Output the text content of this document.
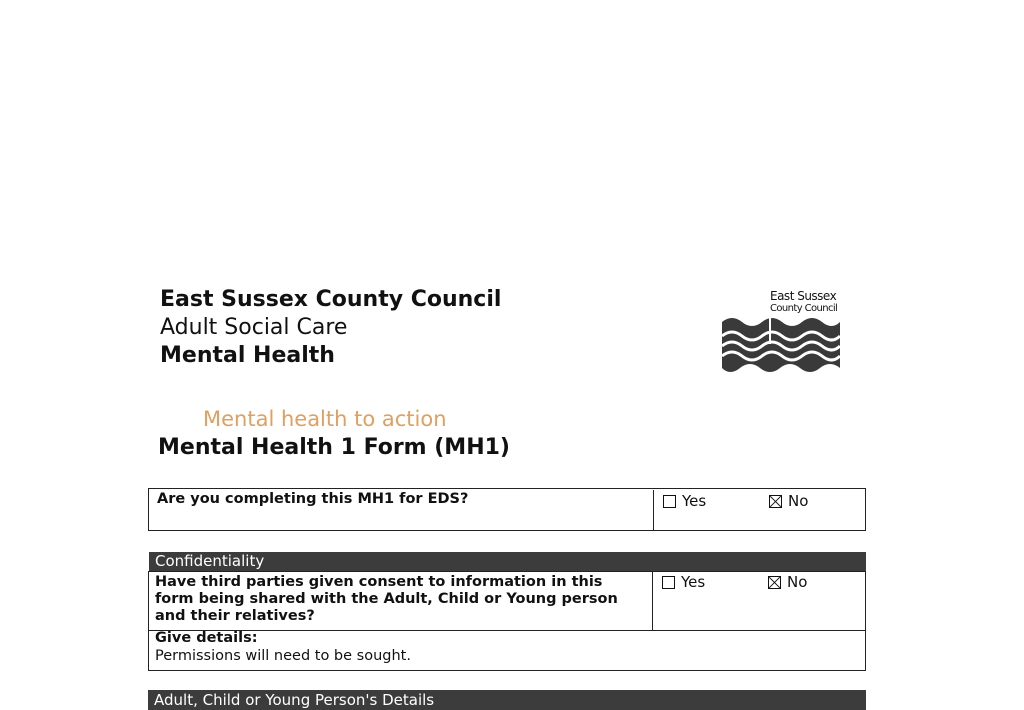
East Sussex County Council
Adult Social Care
Mental Health
East Sussex
County Council
Mental health to action
Mental Health 1 Form (MH1)
Are you completing this MH1 for EDS?	Yes	No
Confidentiality
Have third parties given consent to information in this form being shared with the Adult, Child or Young person and their relatives?
Yes	No
Give details:
Permissions will need to be sought.
Adult, Child or Young Person's Details
